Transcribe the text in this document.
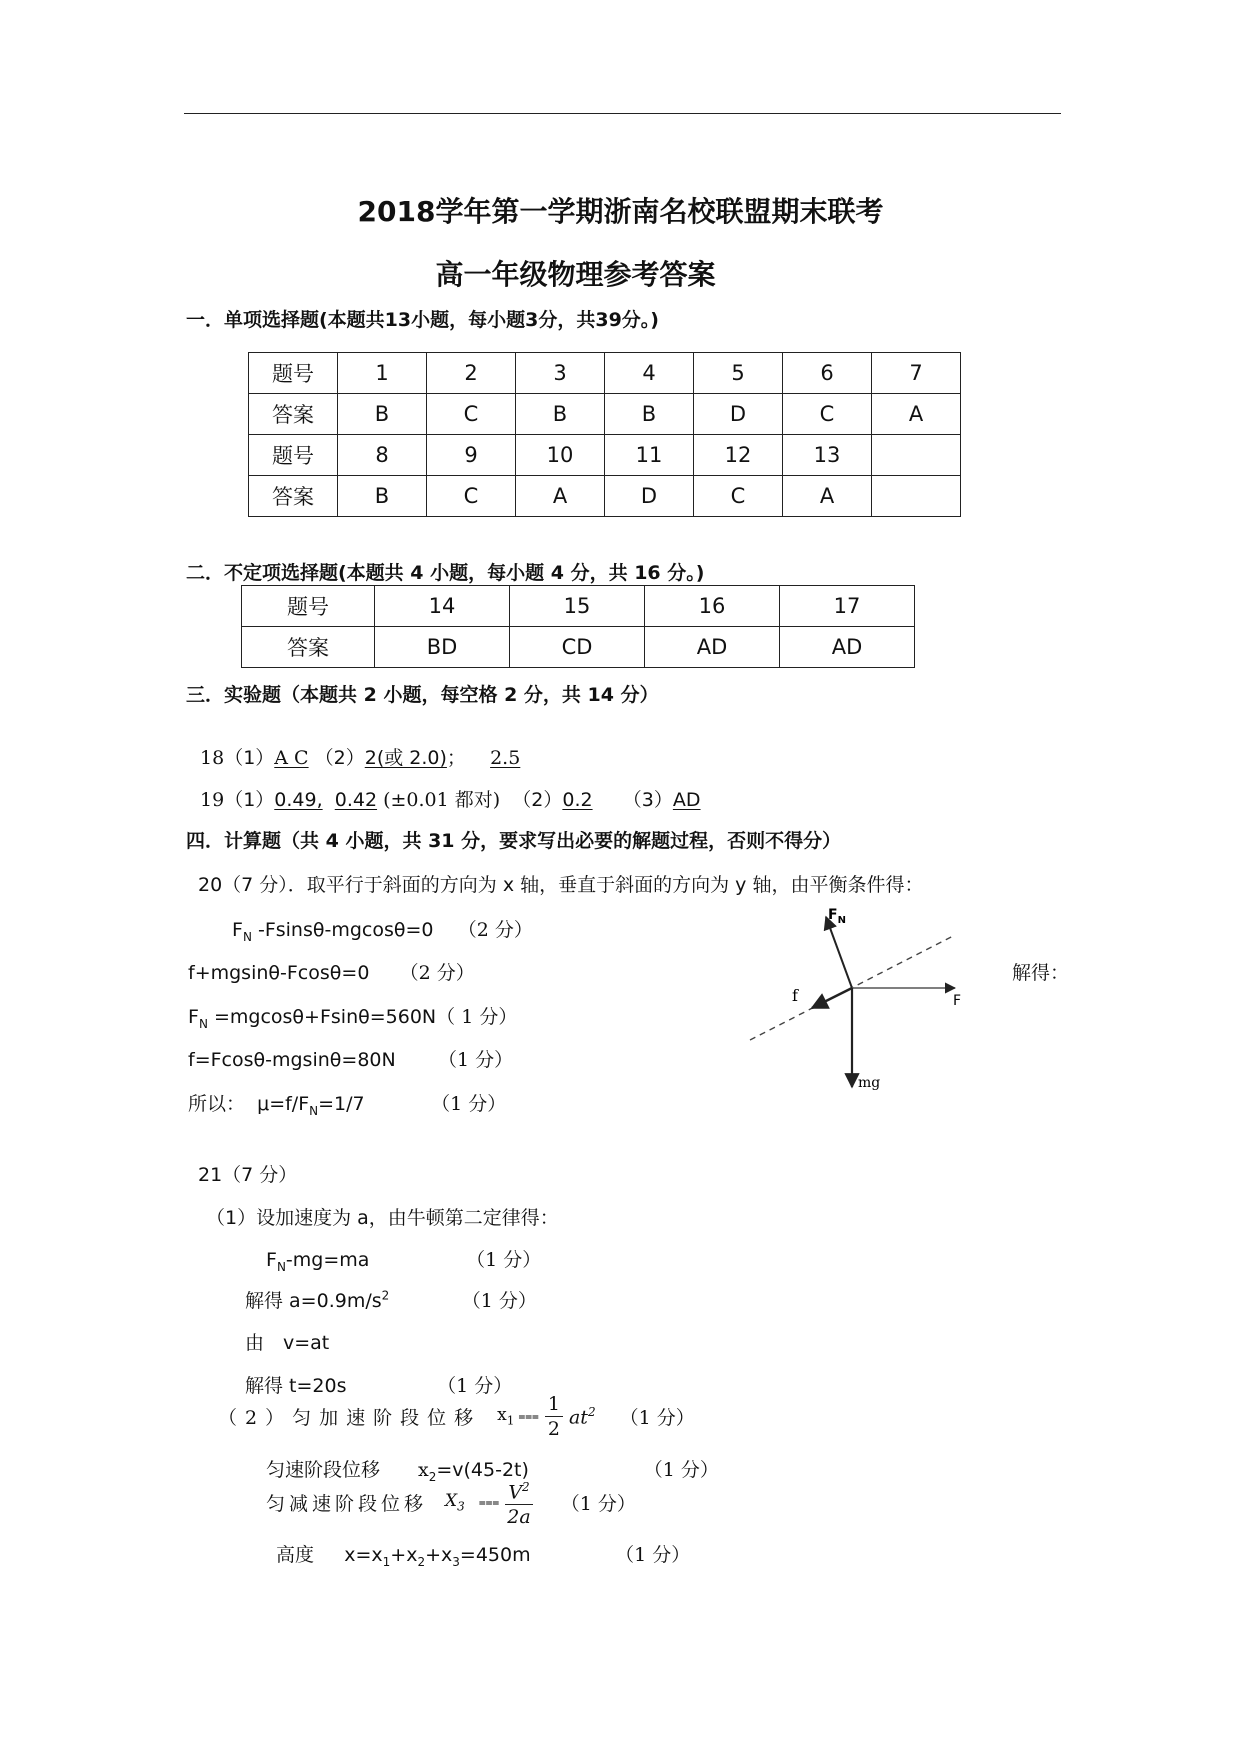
2018学年第一学期浙南名校联盟期末联考
高一年级物理参考答案
一．单项选择题(本题共13小题，每小题3分，共39分。)
题号	1	2	3	4	5	6	7
答案	B	C	B	B	D	C	A
题号	8	9	10	11	12	13	
答案	B	C	A	D	C	A	
二．不定项选择题(本题共 4 小题，每小题 4 分，共 16 分。)
题号	14	15	16	17
答案	BD	CD	AD	AD
三．实验题（本题共 2 小题，每空格 2 分，共 14 分）
18（1）A C （2）2(或 2.0)； 2.5
19（1）0.49, 0.42 (±0.01 都对) （2）0.2 （3）AD
四．计算题（共 4 小题，共 31 分，要求写出必要的解题过程，否则不得分）
20（7 分）．取平行于斜面的方向为 x 轴，垂直于斜面的方向为 y 轴，由平衡条件得：
$F_N$ -Fsinsθ-mgcosθ=0 （2 分）
f+mgsinθ-Fcosθ=0 （2 分）	解得：
$F_N =mgcos\theta+Fsin\theta=560N$（ 1 分）
f=Fcosθ-mgsinθ=80N （1 分）
所以： $\mu=f/F_N=1/7$	（1 分）
$F_N$
f	F
mg
21（7 分）
（1）设加速度为 a，由牛顿第二定律得：
$F_N-mg=ma$	（1 分）
解得 $a=0.9m/s^2$	（1 分）
由　v=at
解得 t=20s	（1 分）
（2）匀加速阶段位移 $x_1$ ⩶ $\frac{1}{2} at^2$ （1 分）
匀速阶段位移　　$x_2=v(45-2t)$	（1 分）
匀减速阶段位移 $X_3$ ⩶ $\frac{V^2}{2a} (1$ 分）
高度 $x=x_1+x_2+x_3=450m$	（1 分）
